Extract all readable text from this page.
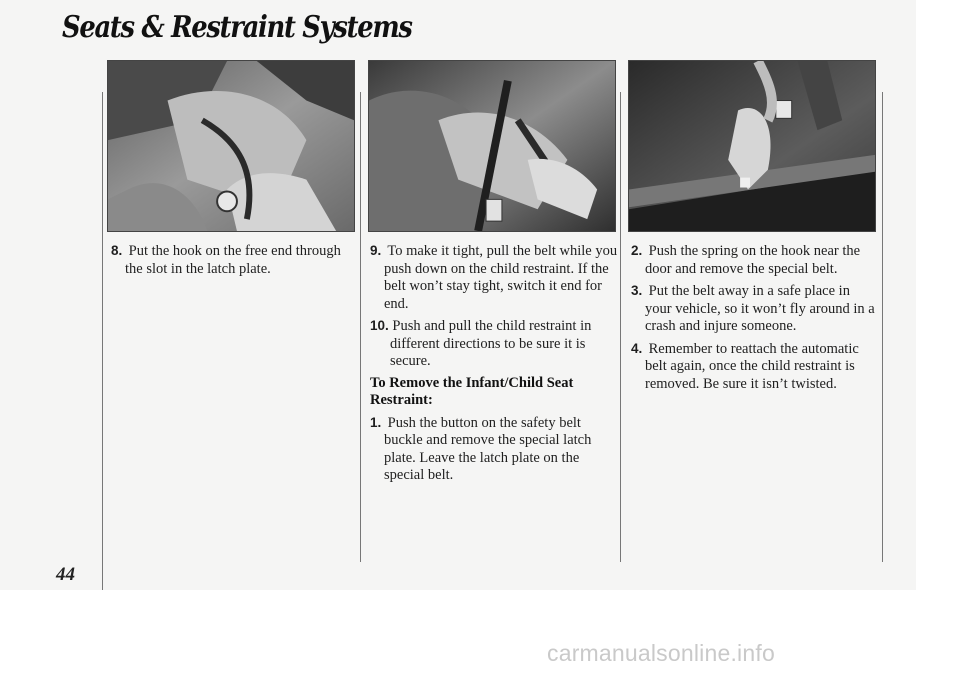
Seats & Restraint Systems

8. Put the hook on the free end through the slot in the latch plate.

9. To make it tight, pull the belt while you push down on the child restraint. If the belt won’t stay tight, switch it end for end.

10. Push and pull the child restraint in different directions to be sure it is secure.

To Remove the Infant/Child Seat Restraint:

1. Push the button on the safety belt buckle and remove the special latch plate. Leave the latch plate on the special belt.

2. Push the spring on the hook near the door and remove the special belt.

3. Put the belt away in a safe place in your vehicle, so it won’t fly around in a crash and injure someone.

4. Remember to reattach the automatic belt again, once the child restraint is removed. Be sure it isn’t twisted.

44
carmanualsonline.info
